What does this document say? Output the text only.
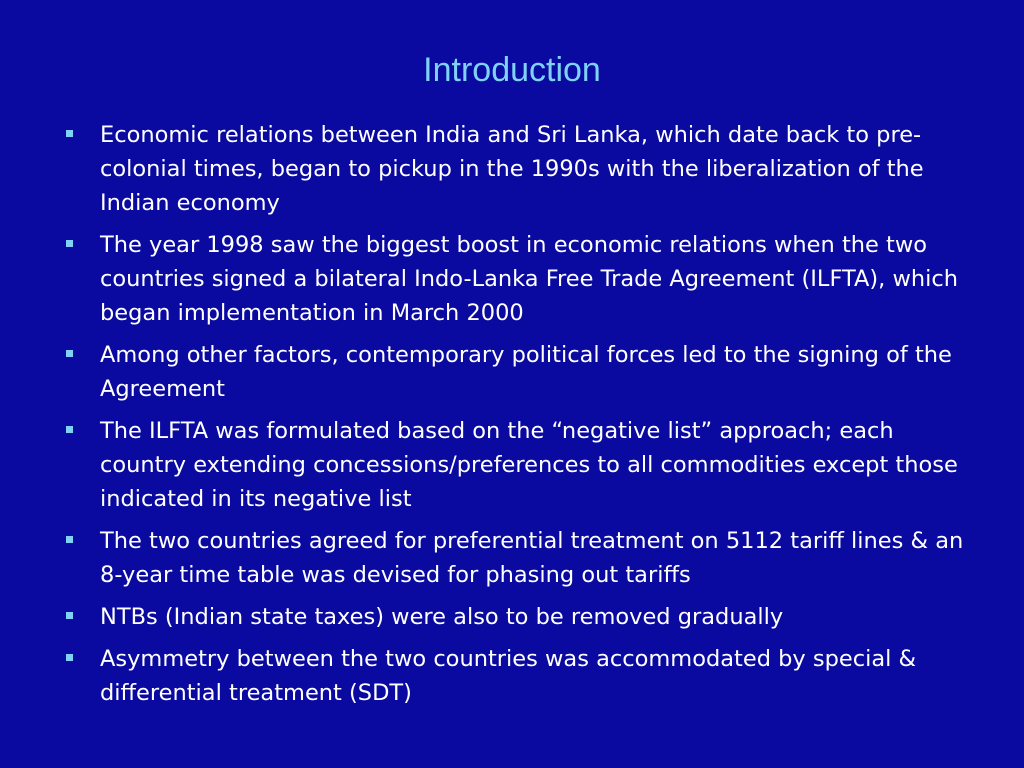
Introduction
Economic relations between India and Sri Lanka, which date back to pre-colonial times, began to pickup in the 1990s with the liberalization of the Indian economy
The year 1998 saw the biggest boost in economic relations when the two countries signed a bilateral Indo-Lanka Free Trade Agreement (ILFTA), which began implementation in March 2000
Among other factors, contemporary political forces led to the signing of the Agreement
The ILFTA was formulated based on the “negative list” approach; each country extending concessions/preferences to all commodities except those indicated in its negative list
The two countries agreed for preferential treatment on 5112 tariff lines & an 8-year time table was devised for phasing out tariffs
NTBs (Indian state taxes) were also to be removed gradually
Asymmetry between the two countries was accommodated by special & differential treatment (SDT)
